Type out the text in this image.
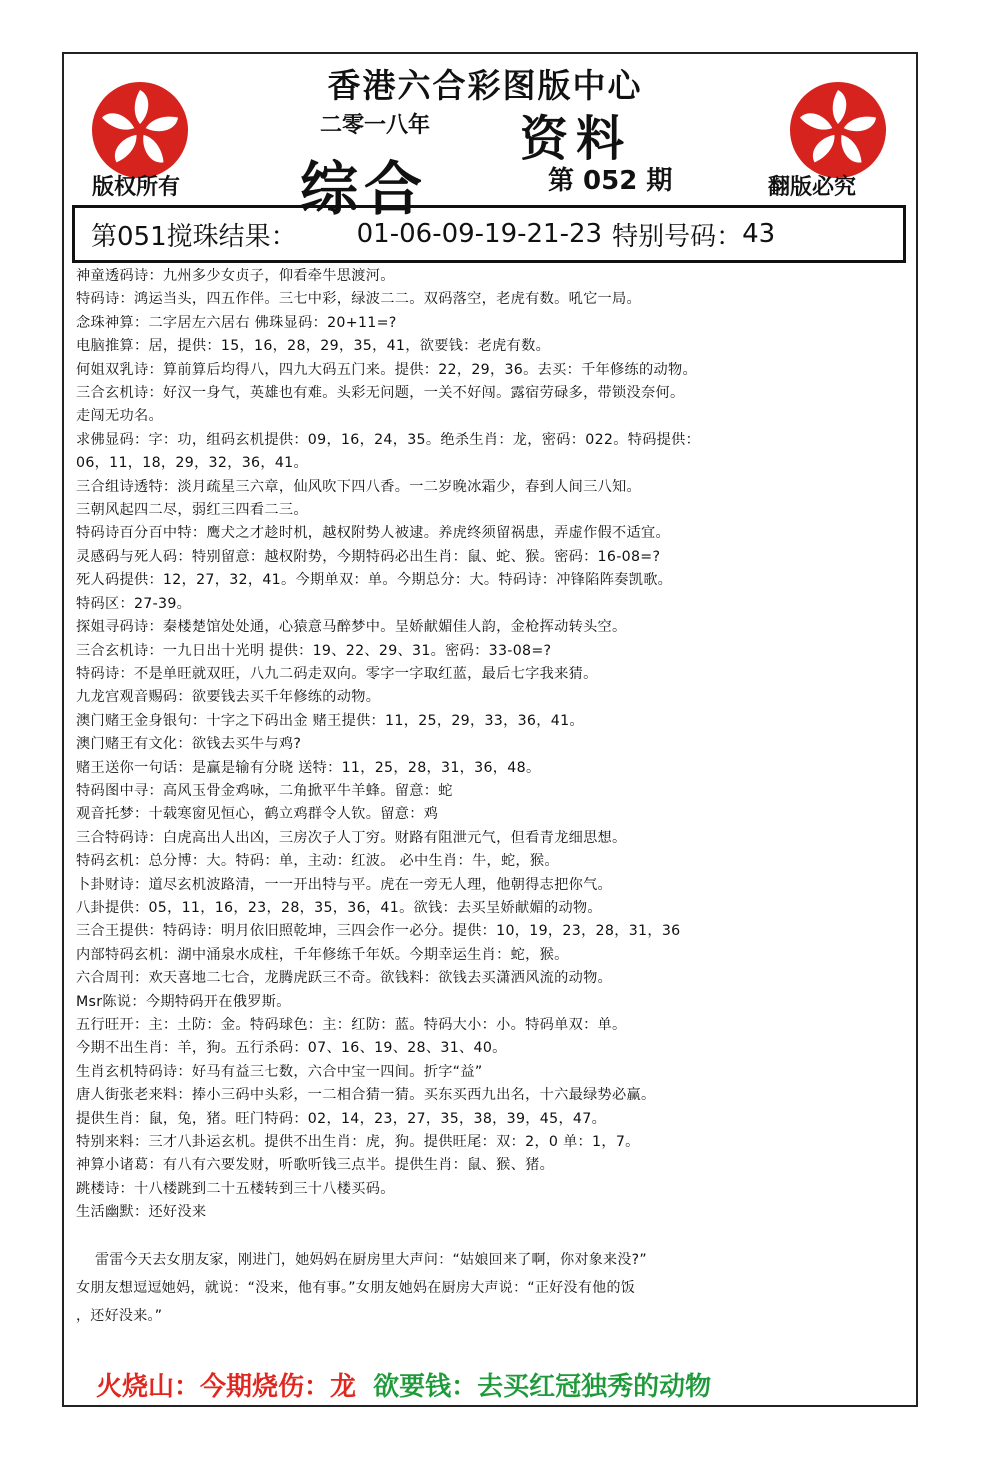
版权所有	翻版必究
香港六合彩图版中心
二零一八年 资料
综合	第 052 期
第051搅珠结果： 01-06-09-19-21-23 特别号码： 43
神童透码诗：九州多少女贞子，仰看牵牛思渡河。
特码诗：鸿运当头，四五作伴。三七中彩，绿波二二。双码落空，老虎有数。吼它一局。
念珠神算：二字居左六居右 佛珠显码：20+11=?
电脑推算：居，提供：15，16，28，29，35，41，欲要钱：老虎有数。
何姐双乳诗：算前算后均得八，四九大码五门来。提供：22，29，36。去买：千年修练的动物。
三合玄机诗：好汉一身气，英雄也有难。头彩无问题，一关不好闯。露宿劳碌多，带锁没奈何。
走闯无功名。
求佛显码：字：功，组码玄机提供：09，16，24，35。绝杀生肖：龙，密码：022。特码提供：
06，11，18，29，32，36，41。
三合组诗透特：淡月疏星三六章，仙风吹下四八香。一二岁晚冰霜少，春到人间三八知。
三朝风起四二尽，弱红三四看二三。
特码诗百分百中特：鹰犬之才趁时机，越权附势人被逮。养虎终须留祸患，弄虚作假不适宜。
灵感码与死人码：特别留意：越权附势，今期特码必出生肖：鼠、蛇、猴。密码：16-08=?
死人码提供：12，27，32，41。今期单双：单。今期总分：大。特码诗：冲锋陷阵奏凯歌。
特码区：27-39。
探姐寻码诗：秦楼楚馆处处通，心猿意马醉梦中。呈娇献媚佳人韵，金枪挥动转头空。
三合玄机诗：一九日出十光明 提供：19、22、29、31。密码：33-08=?
特码诗：不是单旺就双旺，八九二码走双向。零字一字取红蓝，最后七字我来猜。
九龙宫观音赐码：欲要钱去买千年修练的动物。
澳门赌王金身银句：十字之下码出金 赌王提供：11，25，29，33，36，41。
澳门赌王有文化：欲钱去买牛与鸡?
赌王送你一句话：是赢是输有分晓 送特：11，25，28，31，36，48。
特码图中寻：高风玉骨金鸡咏，二角掀平牛羊蜂。留意：蛇
观音托梦：十载寒窗见恒心，鹤立鸡群令人钦。留意：鸡
三合特码诗：白虎高出人出凶，三房次子人丁穷。财路有阻泄元气，但看青龙细思想。
特码玄机：总分博：大。特码：单，主动：红波。 必中生肖：牛，蛇，猴。
卜卦财诗：道尽玄机波路清，一一开出特与平。虎在一旁无人理，他朝得志把你气。
八卦提供：05，11，16，23，28，35，36，41。欲钱：去买呈娇献媚的动物。
三合王提供：特码诗：明月依旧照乾坤，三四会作一必分。提供：10，19，23，28，31，36
内部特码玄机：湖中涌泉水成柱，千年修练千年妖。今期幸运生肖：蛇，猴。
六合周刊：欢天喜地二七合，龙腾虎跃三不奇。欲钱料：欲钱去买潇洒风流的动物。
Msr陈说：今期特码开在俄罗斯。
五行旺开：主：土防：金。特码球色：主：红防：蓝。特码大小：小。特码单双：单。
今期不出生肖：羊，狗。五行杀码：07、16、19、28、31、40。
生肖玄机特码诗：好马有益三七数，六合中宝一四间。折字“益”
唐人街张老来料：捧小三码中头彩，一二相合猜一猜。买东买西九出名，十六最绿势必赢。
提供生肖：鼠，兔，猪。旺门特码：02，14，23，27，35，38，39，45，47。
特别来料：三才八卦运玄机。提供不出生肖：虎，狗。提供旺尾：双：2，0 单：1，7。
神算小诸葛：有八有六要发财，听歌听钱三点半。提供生肖：鼠、猴、猪。
跳楼诗：十八楼跳到二十五楼转到三十八楼买码。
生活幽默：还好没来
雷雷今天去女朋友家，刚进门，她妈妈在厨房里大声问：“姑娘回来了啊，你对象来没?”
女朋友想逗逗她妈，就说：“没来，他有事。”女朋友她妈在厨房大声说：“正好没有他的饭
，还好没来。”
火烧山：今期烧伤：龙 欲要钱：去买红冠独秀的动物
